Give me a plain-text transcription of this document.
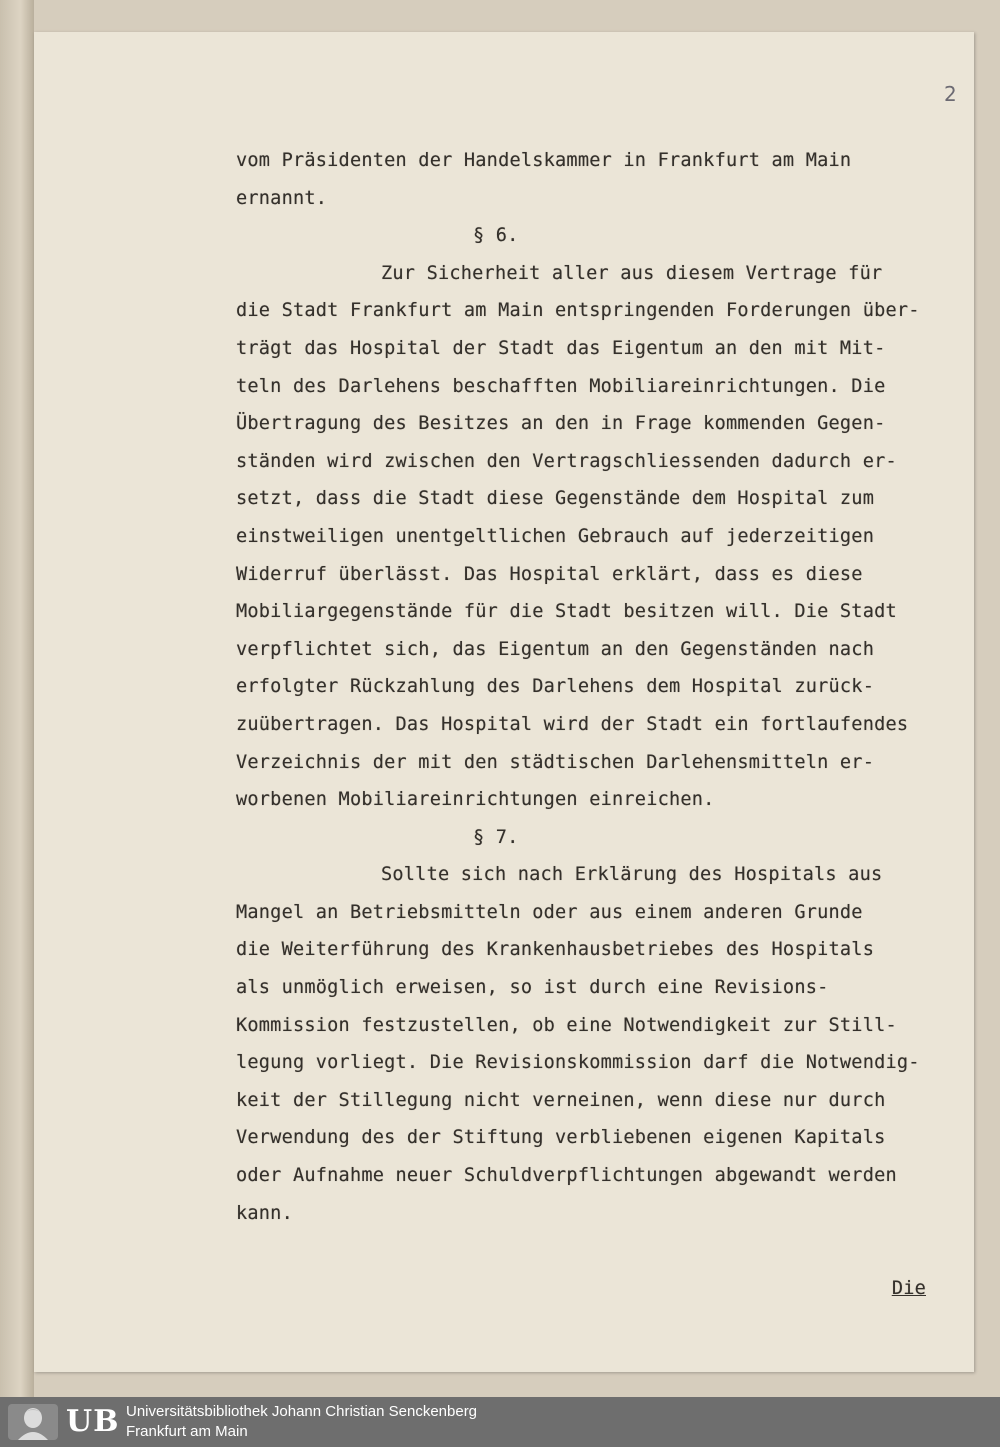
2
vom Präsidenten der Handelskammer in Frankfurt am Main
ernannt.
§ 6.
Zur Sicherheit aller aus diesem Vertrage für
die Stadt Frankfurt am Main entspringenden Forderungen über-
trägt das Hospital der Stadt das Eigentum an den mit Mit-
teln des Darlehens beschafften Mobiliareinrichtungen. Die
Übertragung des Besitzes an den in Frage kommenden Gegen-
ständen wird zwischen den Vertragschliessenden dadurch er-
setzt, dass die Stadt diese Gegenstände dem Hospital zum
einstweiligen unentgeltlichen Gebrauch auf jederzeitigen
Widerruf überlässt. Das Hospital erklärt, dass es diese
Mobiliargegenstände für die Stadt besitzen will. Die Stadt
verpflichtet sich, das Eigentum an den Gegenständen nach
erfolgter Rückzahlung des Darlehens dem Hospital zurück-
zuübertragen. Das Hospital wird der Stadt ein fortlaufendes
Verzeichnis der mit den städtischen Darlehensmitteln er-
worbenen Mobiliareinrichtungen einreichen.
§ 7.
Sollte sich nach Erklärung des Hospitals aus
Mangel an Betriebsmitteln oder aus einem anderen Grunde
die Weiterführung des Krankenhausbetriebes des Hospitals
als unmöglich erweisen, so ist durch eine Revisions-
Kommission festzustellen, ob eine Notwendigkeit zur Still-
legung vorliegt. Die Revisionskommission darf die Notwendig-
keit der Stillegung nicht verneinen, wenn diese nur durch
Verwendung des der Stiftung verbliebenen eigenen Kapitals
oder Aufnahme neuer Schuldverpflichtungen abgewandt werden
kann.
Die
UB Universitätsbibliothek Johann Christian Senckenberg
Frankfurt am Main
